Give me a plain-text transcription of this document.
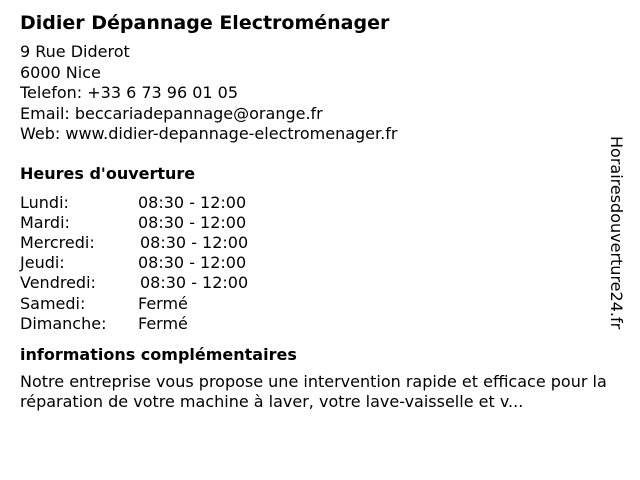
Didier Dépannage Electroménager
9 Rue Diderot
6000 Nice
Telefon: +33 6 73 96 01 05
Email: beccariadepannage@orange.fr
Web: www.didier-depannage-electromenager.fr
Heures d'ouverture
Lundi:	08:30 - 12:00
Mardi:	08:30 - 12:00
Mercredi:	08:30 - 12:00
Jeudi:	08:30 - 12:00
Vendredi:	08:30 - 12:00
Samedi:	Fermé
Dimanche:	Fermé
informations complémentaires

Notre entreprise vous propose une intervention rapide et efficace pour la réparation de votre machine à laver, votre lave-vaisselle et v...

Horairesdouverture24.fr
